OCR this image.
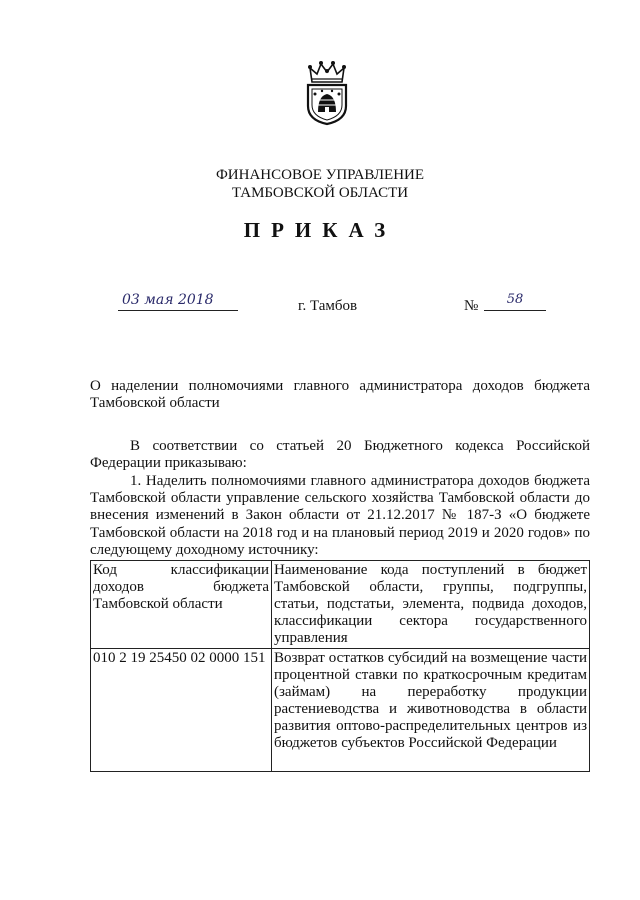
ФИНАНСОВОЕ УПРАВЛЕНИЕ
ТАМБОВСКОЙ ОБЛАСТИ
ПРИКАЗ
03 мая 2018	г. Тамбов	№	58
О наделении полномочиями главного администратора доходов бюджета Тамбовской области
В соответствии со статьей 20 Бюджетного кодекса Российской Федерации приказываю:
1. Наделить полномочиями главного администратора доходов бюджета Тамбовской области управление сельского хозяйства Тамбовской области до внесения изменений в Закон области от 21.12.2017 № 187-З «О бюджете Тамбовской области на 2018 год и на плановый период 2019 и 2020 годов» по следующему доходному источнику:
Код классификации доходов бюджета Тамбовской области	Наименование кода поступлений в бюджет Тамбовской области, группы, подгруппы, статьи, подстатьи, элемента, подвида доходов, классификации сектора государственного управления
010 2 19 25450 02 0000 151	Возврат остатков субсидий на возмещение части процентной ставки по краткосрочным кредитам (займам) на переработку продукции растениеводства и животноводства в области развития оптово-распределительных центров из бюджетов субъектов Российской Федерации
